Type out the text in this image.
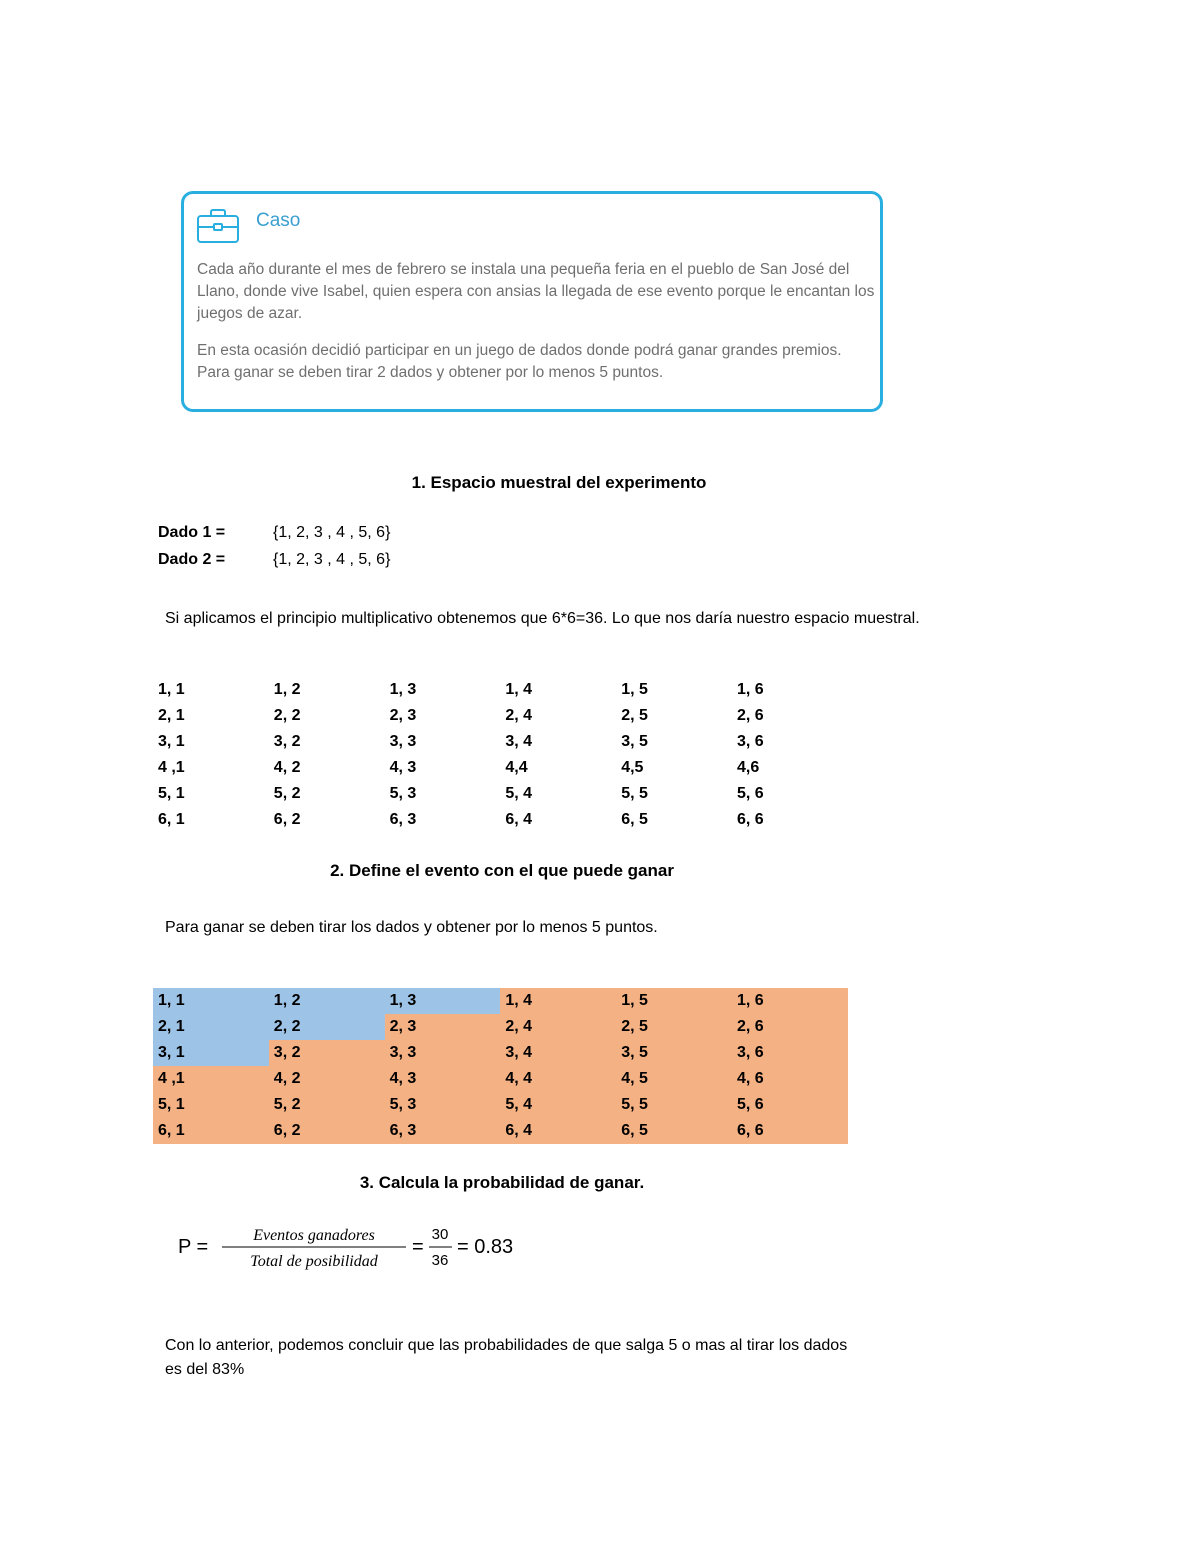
Caso
Cada año durante el mes de febrero se instala una pequeña feria en el pueblo de San José del Llano, donde vive Isabel, quien espera con ansias la llegada de ese evento porque le encantan los juegos de azar.
En esta ocasión decidió participar en un juego de dados donde podrá ganar grandes premios. Para ganar se deben tirar 2 dados y obtener por lo menos 5 puntos.
1. Espacio muestral del experimento
Dado 1 =	{1, 2, 3 , 4 , 5, 6}
Dado 2 =	{1, 2, 3 , 4 , 5, 6}
Si aplicamos el principio multiplicativo obtenemos que 6*6=36. Lo que nos daría nuestro espacio muestral.
1, 1	1, 2	1, 3	1, 4	1, 5	1, 6
2, 1	2, 2	2, 3	2, 4	2, 5	2, 6
3, 1	3, 2	3, 3	3, 4	3, 5	3, 6
4 ,1	4, 2	4, 3	4,4	4,5	4,6
5, 1	5, 2	5, 3	5, 4	5, 5	5, 6
6, 1	6, 2	6, 3	6, 4	6, 5	6, 6
2. Define el evento con el que puede ganar
Para ganar se deben tirar los dados y obtener por lo menos 5 puntos.
1, 1	1, 2	1, 3	1, 4	1, 5	1, 6
2, 1	2, 2	2, 3	2, 4	2, 5	2, 6
3, 1	3, 2	3, 3	3, 4	3, 5	3, 6
4 ,1	4, 2	4, 3	4, 4	4, 5	4, 6
5, 1	5, 2	5, 3	5, 4	5, 5	5, 6
6, 1	6, 2	6, 3	6, 4	6, 5	6, 6
3. Calcula la probabilidad de ganar.
P =
Eventos ganadores
Total de posibilidad
=
30
36
= 0.83
Con lo anterior, podemos concluir que las probabilidades de que salga 5 o mas al tirar los dados es del 83%
